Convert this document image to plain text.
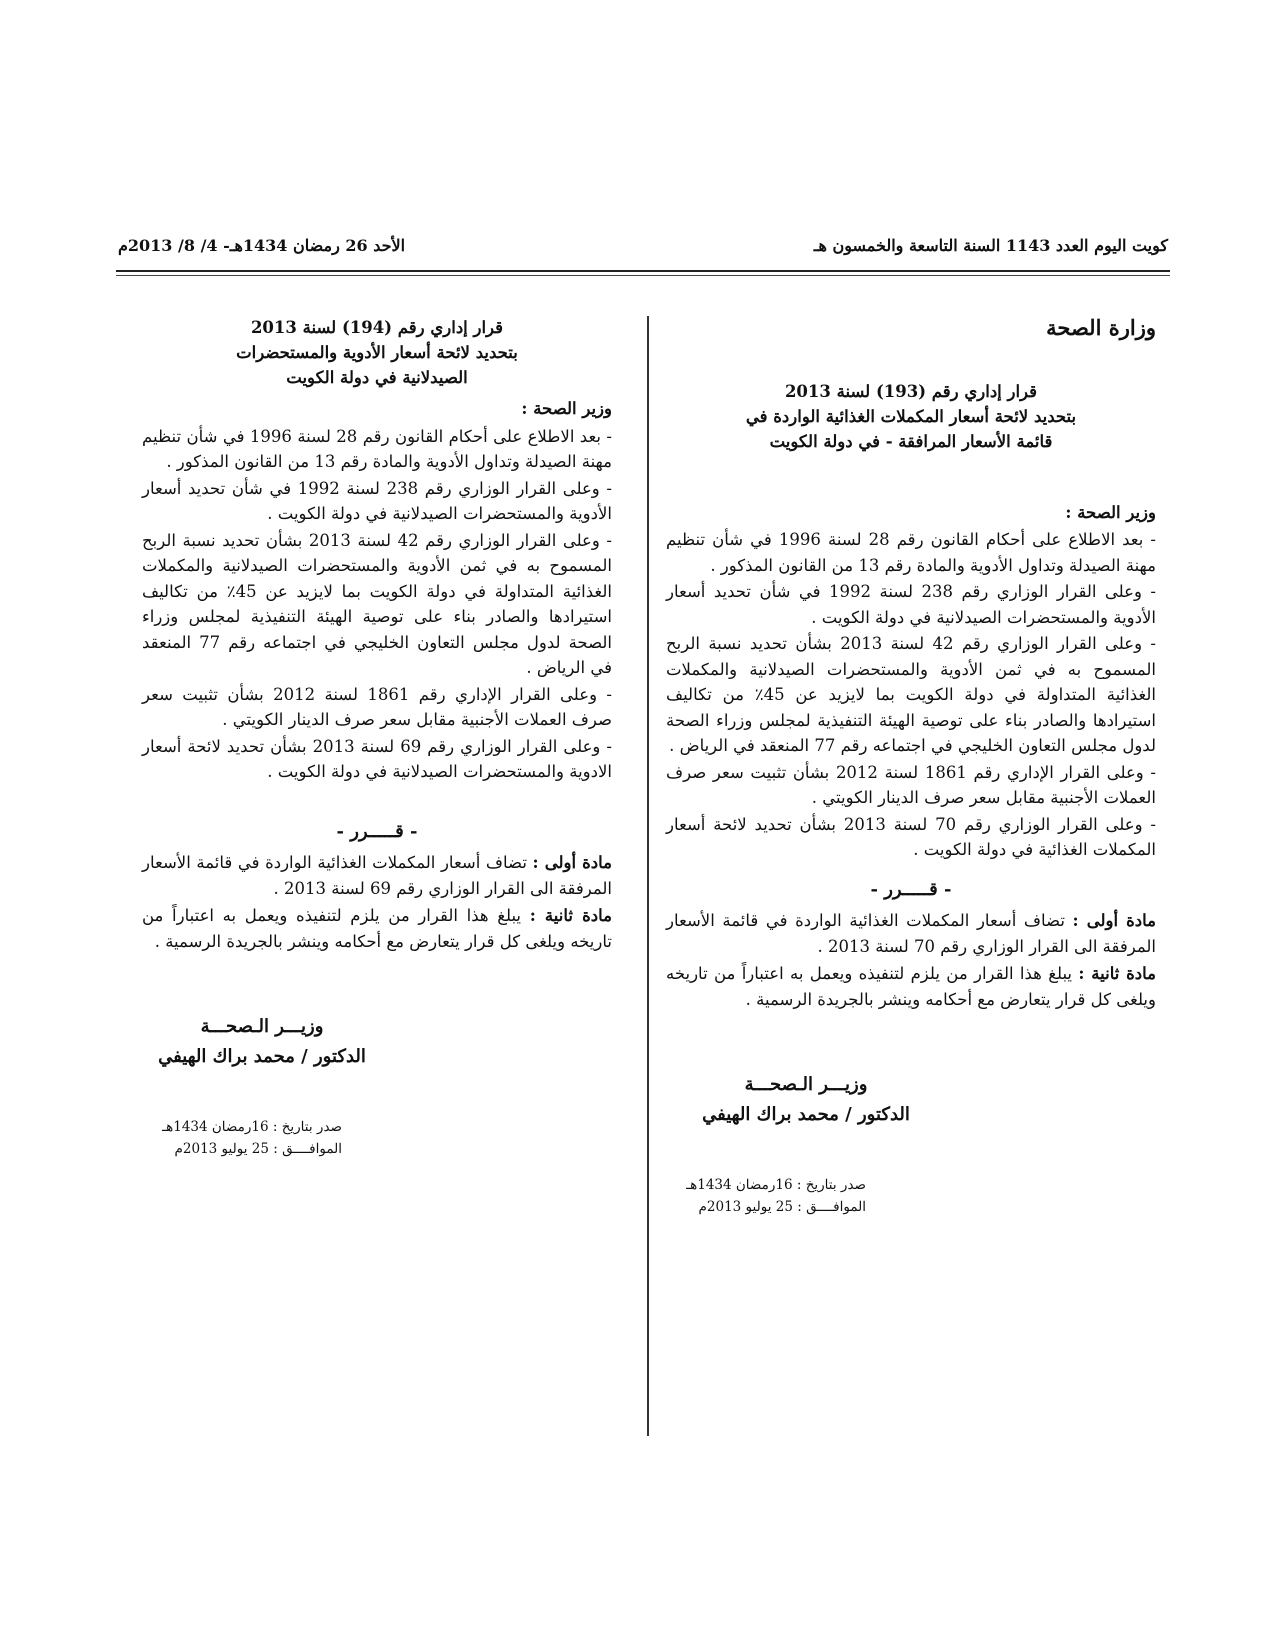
كويت اليوم العدد 1143 السنة التاسعة والخمسون هـ
الأحد 26 رمضان 1434هـ- 4/ 8/ 2013م
وزارة الصحة

قرار إداري رقم (193) لسنة 2013

بتحديد لائحة أسعار المكملات الغذائية الواردة في

قائمة الأسعار المرافقة - في دولة الكويت

وزير الصحة :

- بعد الاطلاع على أحكام القانون رقم 28 لسنة 1996 في شأن تنظيم مهنة الصيدلة وتداول الأدوية والمادة رقم 13 من القانون المذكور .

- وعلى القرار الوزاري رقم 238 لسنة 1992 في شأن تحديد أسعار الأدوية والمستحضرات الصيدلانية في دولة الكويت .

- وعلى القرار الوزاري رقم 42 لسنة 2013 بشأن تحديد نسبة الربح المسموح به في ثمن الأدوية والمستحضرات الصيدلانية والمكملات الغذائية المتداولة في دولة الكويت بما لايزيد عن 45٪ من تكاليف استيرادها والصادر بناء على توصية الهيئة التنفيذية لمجلس وزراء الصحة لدول مجلس التعاون الخليجي في اجتماعه رقم 77 المنعقد في الرياض .

- وعلى القرار الإداري رقم 1861 لسنة 2012 بشأن تثبيت سعر صرف العملات الأجنبية مقابل سعر صرف الدينار الكويتي .

- وعلى القرار الوزاري رقم 70 لسنة 2013 بشأن تحديد لائحة أسعار المكملات الغذائية في دولة الكويت .

- قـــــرر -

مادة أولى : تضاف أسعار المكملات الغذائية الواردة في قائمة الأسعار المرفقة الى القرار الوزاري رقم 70 لسنة 2013 .

مادة ثانية : يبلغ هذا القرار من يلزم لتنفيذه ويعمل به اعتباراً من تاريخه ويلغى كل قرار يتعارض مع أحكامه وينشر بالجريدة الرسمية .

وزيـــر الـصحـــة
الدكتور / محمد براك الهيفي
صدر بتاريخ : 16رمضان 1434هـ
الموافــــق : 25 يوليو 2013م

قرار إداري رقم (194) لسنة 2013

بتحديد لائحة أسعار الأدوية والمستحضرات

الصيدلانية في دولة الكويت

وزير الصحة :

- بعد الاطلاع على أحكام القانون رقم 28 لسنة 1996 في شأن تنظيم مهنة الصيدلة وتداول الأدوية والمادة رقم 13 من القانون المذكور .

- وعلى القرار الوزاري رقم 238 لسنة 1992 في شأن تحديد أسعار الأدوية والمستحضرات الصيدلانية في دولة الكويت .

- وعلى القرار الوزاري رقم 42 لسنة 2013 بشأن تحديد نسبة الربح المسموح به في ثمن الأدوية والمستحضرات الصيدلانية والمكملات الغذائية المتداولة في دولة الكويت بما لايزيد عن 45٪ من تكاليف استيرادها والصادر بناء على توصية الهيئة التنفيذية لمجلس وزراء الصحة لدول مجلس التعاون الخليجي في اجتماعه رقم 77 المنعقد في الرياض .

- وعلى القرار الإداري رقم 1861 لسنة 2012 بشأن تثبيت سعر صرف العملات الأجنبية مقابل سعر صرف الدينار الكويتي .

- وعلى القرار الوزاري رقم 69 لسنة 2013 بشأن تحديد لائحة أسعار الادوية والمستحضرات الصيدلانية في دولة الكويت .

- قـــــرر -

مادة أولى : تضاف أسعار المكملات الغذائية الواردة في قائمة الأسعار المرفقة الى القرار الوزاري رقم 69 لسنة 2013 .

مادة ثانية : يبلغ هذا القرار من يلزم لتنفيذه ويعمل به اعتباراً من تاريخه ويلغى كل قرار يتعارض مع أحكامه وينشر بالجريدة الرسمية .

وزيـــر الـصحـــة
الدكتور / محمد براك الهيفي
صدر بتاريخ : 16رمضان 1434هـ
الموافــــق : 25 يوليو 2013م
